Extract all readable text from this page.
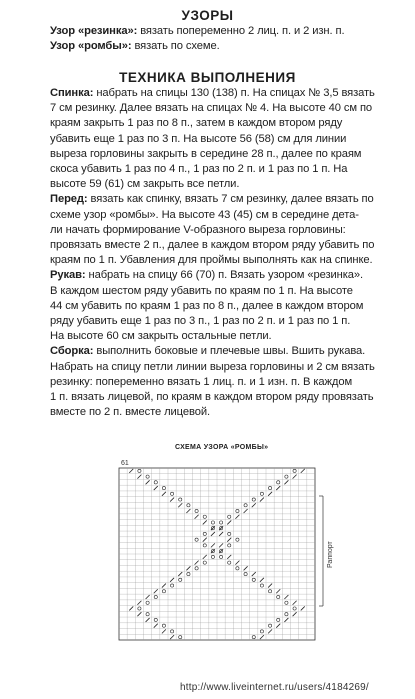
УЗОРЫ
Узор «резинка»: вязать попеременно 2 лиц. п. и 2 изн. п.
Узор «ромбы»: вязать по схеме.
ТЕХНИКА ВЫПОЛНЕНИЯ
Спинка: набрать на спицы 130 (138) п. На спицах № 3,5 вязать
7 см резинку. Далее вязать на спицах № 4. На высоте 40 см по
краям закрыть 1 раз по 8 п., затем в каждом втором ряду
убавить еще 1 раз по 3 п. На высоте 56 (58) см для линии
выреза горловины закрыть в середине 28 п., далее по краям
скоса убавить 1 раз по 4 п., 1 раз по 2 п. и 1 раз по 1 п. На
высоте 59 (61) см закрыть все петли.
Перед: вязать как спинку, вязать 7 см резинку, далее вязать по
схеме узор «ромбы». На высоте 43 (45) см в середине дета-
ли начать формирование V-образного выреза горловины:
провязать вместе 2 п., далее в каждом втором ряду убавить по
краям по 1 п. Убавления для проймы выполнять как на спинке.
Рукав: набрать на спицу 66 (70) п. Вязать узором «резинка».
В каждом шестом ряду убавить по краям по 1 п. На высоте
44 см убавить по краям 1 раз по 8 п., далее в каждом втором
ряду убавить еще 1 раз по 3 п., 1 раз по 2 п. и 1 раз по 1 п.
На высоте 60 см закрыть остальные петли.
Сборка: выполнить боковые и плечевые швы. Вшить рукава.
Набрать на спицу петли линии выреза горловины и 2 см вязать
резинку: попеременно вязать 1 лиц. п. и 1 изн. п. В каждом
1 п. вязать лицевой, по краям в каждом втором ряду провязать
вместе по 2 п. вместе лицевой.
СХЕМА УЗОРА «РОМБЫ»
61
Раппорт
http://www.liveinternet.ru/users/4184269/
